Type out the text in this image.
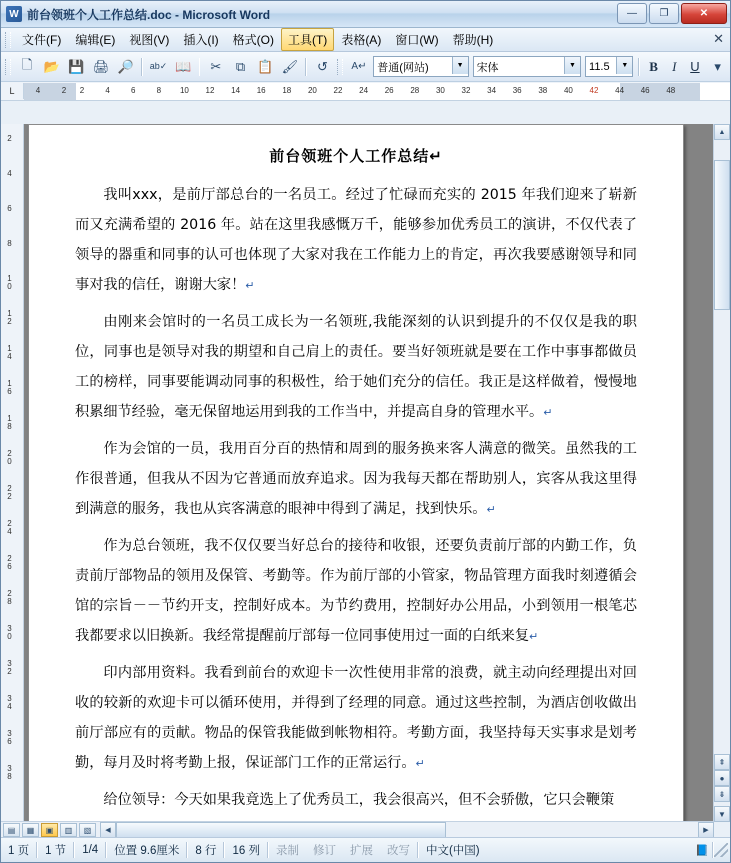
W 前台领班个人工作总结.doc - Microsoft Word	—	❐	✕
文件(F)	编辑(E)	视图(V)	插入(I)	格式(O)	工具(T)	表格(A)	窗口(W)	帮助(H)	✕
🗋 📂 💾 🖨 🔎	ab✓ 📖	✂	⧉ 📋 🖌	↺	A↵ 普通(网站)	▼	宋体	▼	11.5	▼	B I U	▾
L	4	2 2	4	6	8 10 12 14 16 18 20 22 24 26 28 30 32 34 36 38 40 42 44 46 48
2
4
6
8
10
12
14
16
18
20
22
24
26
28
30
32
34
36
38
前台领班个人工作总结↵

我叫xxx，是前厅部总台的一名员工。经过了忙碌而充实的 2015 年我们迎来了崭新而又充满希望的 2016 年。站在这里我感慨万千，能够参加优秀员工的演讲，不仅代表了领导的器重和同事的认可也体现了大家对我在工作能力上的肯定，再次我要感谢领导和同事对我的信任，谢谢大家！↵

由刚来会馆时的一名员工成长为一名领班,我能深刻的认识到提升的不仅仅是我的职位，同事也是领导对我的期望和自己肩上的责任。要当好领班就是要在工作中事事都做员工的榜样，同事要能调动同事的积极性，给于她们充分的信任。我正是这样做着，慢慢地积累细节经验，毫无保留地运用到我的工作当中，并提高自身的管理水平。↵

作为会馆的一员，我用百分百的热情和周到的服务换来客人满意的微笑。虽然我的工作很普通，但我从不因为它普通而放弃追求。因为我每天都在帮助别人，宾客从我这里得到满意的服务，我也从宾客满意的眼神中得到了满足，找到快乐。↵

作为总台领班，我不仅仅要当好总台的接待和收银，还要负责前厅部的内勤工作，负责前厅部物品的领用及保管、考勤等。作为前厅部的小管家，物品管理方面我时刻遵循会馆的宗旨－－节约开支，控制好成本。为节约费用，控制好办公用品，小到领用一根笔芯我都要求以旧换新。我经常提醒前厅部每一位同事使用过一面的白纸来复↵

印内部用资料。我看到前台的欢迎卡一次性使用非常的浪费，就主动向经理提出对回收的较新的欢迎卡可以循环使用，并得到了经理的同意。通过这些控制，为酒店创收做出前厅部应有的贡献。物品的保管我能做到帐物相符。考勤方面，我坚持每天实事求是划考勤，每月及时将考勤上报，保证部门工作的正常运行。↵

给位领导：今天如果我竟选上了优秀员工，我会很高兴，但不会骄傲，它只会鞭策

▲
⇞
●
⇟
▼
▤	▦	▣	▥	▧	◀	▶
1 页	1 节	1/4	位置 9.6厘米	8 行	16 列	录制	修订	扩展	改写	中文(中国)	📘
